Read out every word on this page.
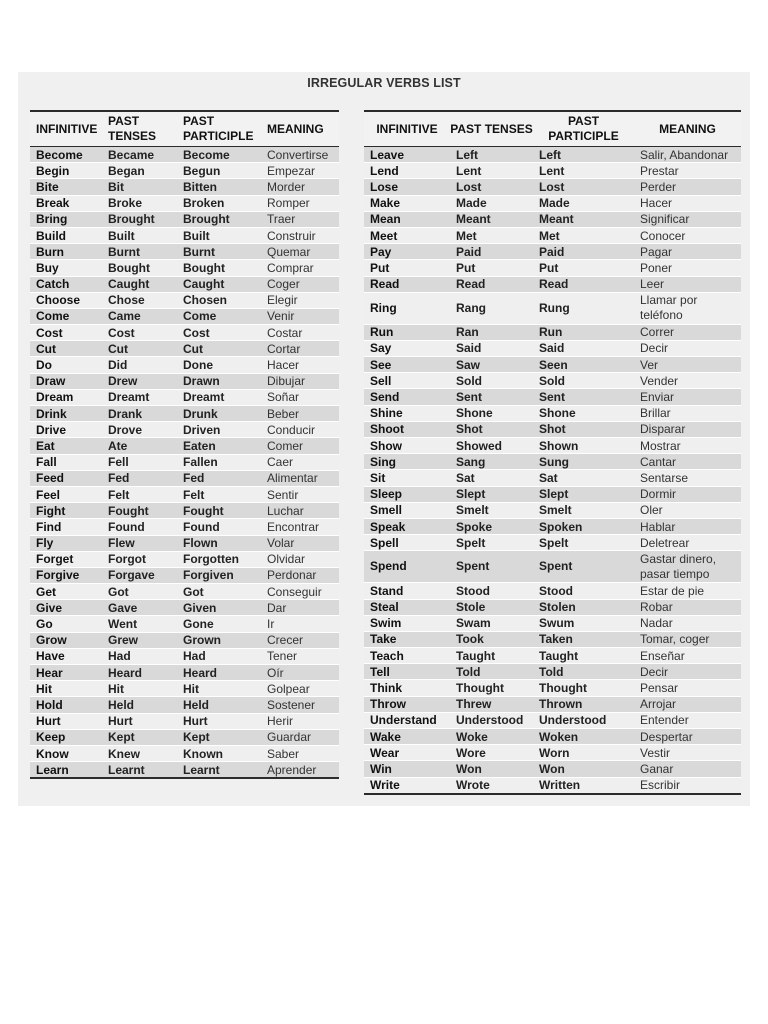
IRREGULAR VERBS LIST
INFINITIVE	PAST TENSES	PAST PARTICIPLE	MEANING
Become	Became	Become	Convertirse
Begin	Began	Begun	Empezar
Bite	Bit	Bitten	Morder
Break	Broke	Broken	Romper
Bring	Brought	Brought	Traer
Build	Built	Built	Construir
Burn	Burnt	Burnt	Quemar
Buy	Bought	Bought	Comprar
Catch	Caught	Caught	Coger
Choose	Chose	Chosen	Elegir
Come	Came	Come	Venir
Cost	Cost	Cost	Costar
Cut	Cut	Cut	Cortar
Do	Did	Done	Hacer
Draw	Drew	Drawn	Dibujar
Dream	Dreamt	Dreamt	Soñar
Drink	Drank	Drunk	Beber
Drive	Drove	Driven	Conducir
Eat	Ate	Eaten	Comer
Fall	Fell	Fallen	Caer
Feed	Fed	Fed	Alimentar
Feel	Felt	Felt	Sentir
Fight	Fought	Fought	Luchar
Find	Found	Found	Encontrar
Fly	Flew	Flown	Volar
Forget	Forgot	Forgotten	Olvidar
Forgive	Forgave	Forgiven	Perdonar
Get	Got	Got	Conseguir
Give	Gave	Given	Dar
Go	Went	Gone	Ir
Grow	Grew	Grown	Crecer
Have	Had	Had	Tener
Hear	Heard	Heard	Oír
Hit	Hit	Hit	Golpear
Hold	Held	Held	Sostener
Hurt	Hurt	Hurt	Herir
Keep	Kept	Kept	Guardar
Know	Knew	Known	Saber
Learn	Learnt	Learnt	Aprender
INFINITIVE	PAST TENSES	PAST PARTICIPLE	MEANING
Leave	Left	Left	Salir, Abandonar
Lend	Lent	Lent	Prestar
Lose	Lost	Lost	Perder
Make	Made	Made	Hacer
Mean	Meant	Meant	Significar
Meet	Met	Met	Conocer
Pay	Paid	Paid	Pagar
Put	Put	Put	Poner
Read	Read	Read	Leer
Ring	Rang	Rung	Llamar por teléfono
Run	Ran	Run	Correr
Say	Said	Said	Decir
See	Saw	Seen	Ver
Sell	Sold	Sold	Vender
Send	Sent	Sent	Enviar
Shine	Shone	Shone	Brillar
Shoot	Shot	Shot	Disparar
Show	Showed	Shown	Mostrar
Sing	Sang	Sung	Cantar
Sit	Sat	Sat	Sentarse
Sleep	Slept	Slept	Dormir
Smell	Smelt	Smelt	Oler
Speak	Spoke	Spoken	Hablar
Spell	Spelt	Spelt	Deletrear
Spend	Spent	Spent	Gastar dinero, pasar tiempo
Stand	Stood	Stood	Estar de pie
Steal	Stole	Stolen	Robar
Swim	Swam	Swum	Nadar
Take	Took	Taken	Tomar, coger
Teach	Taught	Taught	Enseñar
Tell	Told	Told	Decir
Think	Thought	Thought	Pensar
Throw	Threw	Thrown	Arrojar
Understand	Understood	Understood	Entender
Wake	Woke	Woken	Despertar
Wear	Wore	Worn	Vestir
Win	Won	Won	Ganar
Write	Wrote	Written	Escribir
